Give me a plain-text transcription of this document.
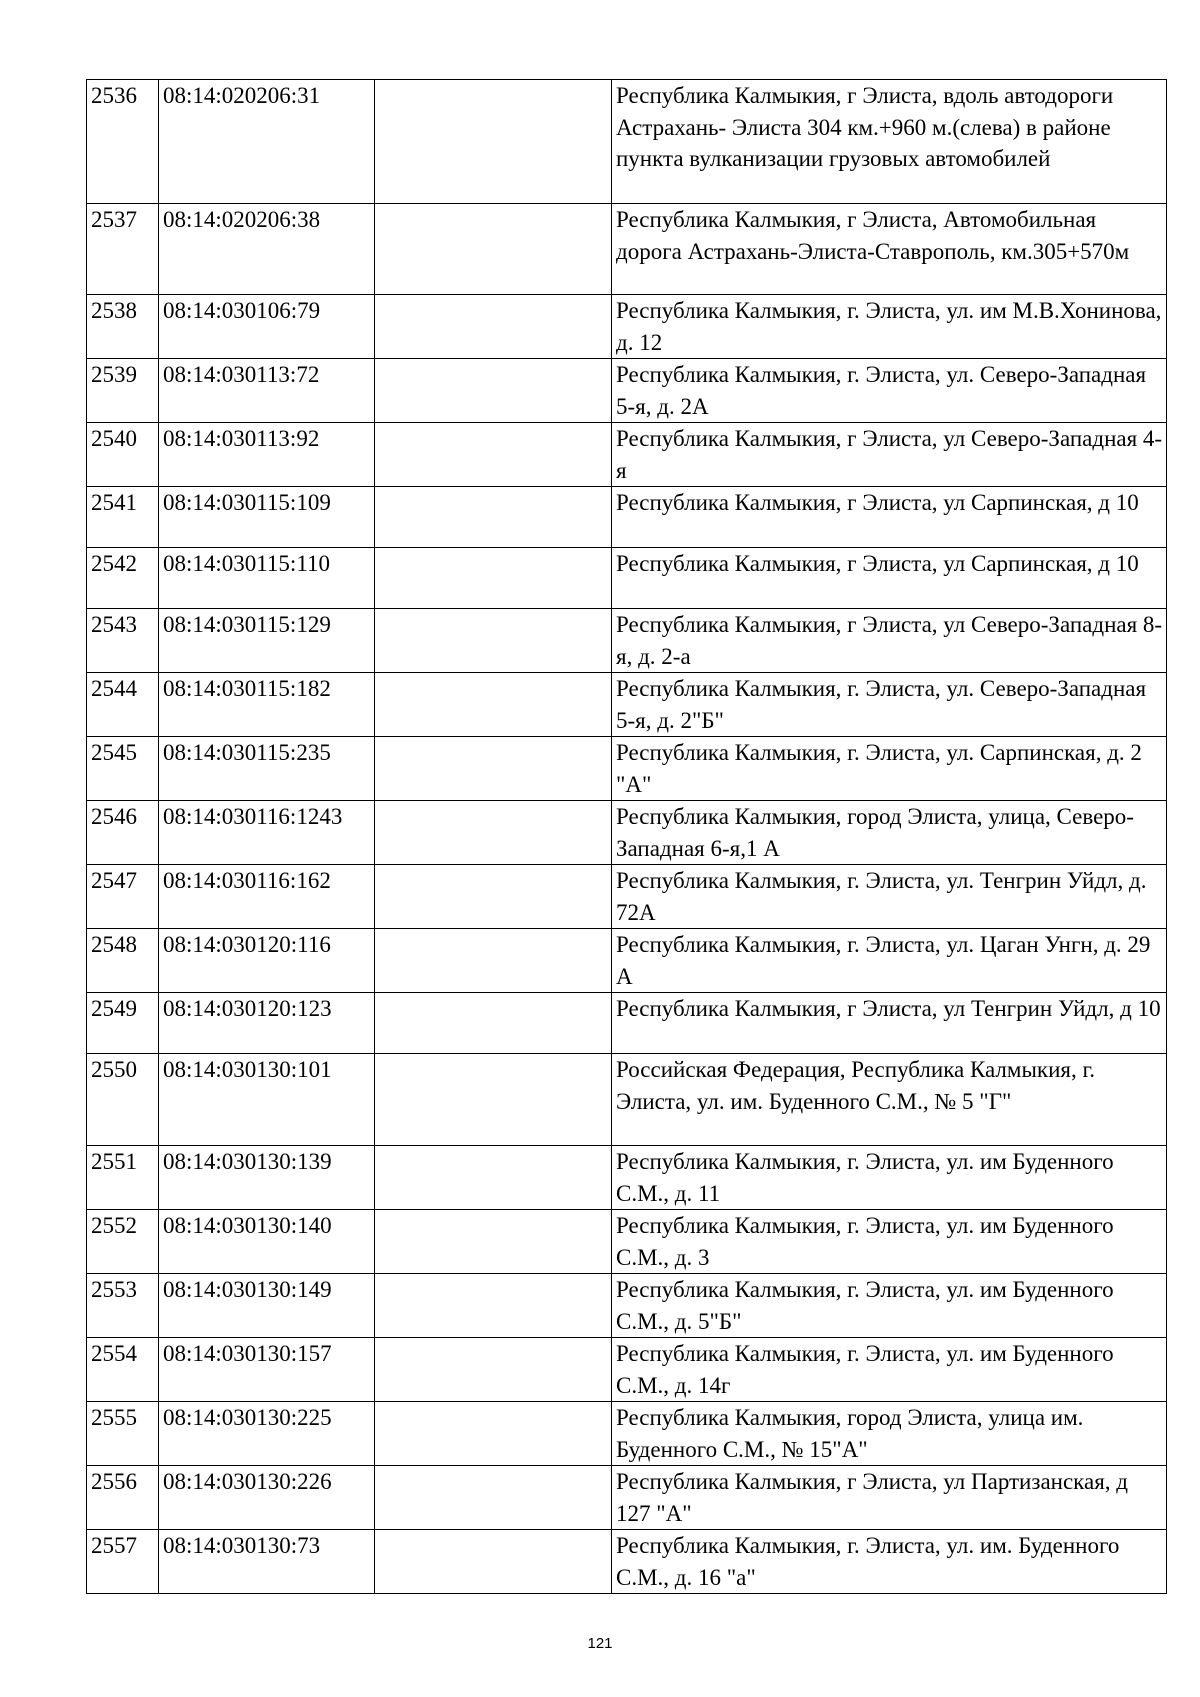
2536	08:14:020206:31		Республика Калмыкия, г Элиста, вдоль автодороги Астрахань- Элиста 304 км.+960 м.(слева) в районе пункта вулканизации грузовых автомобилей
2537	08:14:020206:38		Республика Калмыкия, г Элиста, Автомобильная дорога Астрахань-Элиста-Ставрополь, км.305+570м
2538	08:14:030106:79		Республика Калмыкия, г. Элиста, ул. им М.В.Хонинова, д. 12
2539	08:14:030113:72		Республика Калмыкия, г. Элиста, ул. Северо-Западная 5-я, д. 2А
2540	08:14:030113:92		Республика Калмыкия, г Элиста, ул Северо-Западная 4-я
2541	08:14:030115:109		Республика Калмыкия, г Элиста, ул Сарпинская, д 10
2542	08:14:030115:110		Республика Калмыкия, г Элиста, ул Сарпинская, д 10
2543	08:14:030115:129		Республика Калмыкия, г Элиста, ул Северо-Западная 8-я, д. 2-а
2544	08:14:030115:182		Республика Калмыкия, г. Элиста, ул. Северо-Западная 5-я, д. 2"Б"
2545	08:14:030115:235		Республика Калмыкия, г. Элиста, ул. Сарпинская, д. 2 "А"
2546	08:14:030116:1243		Республика Калмыкия, город Элиста, улица, Северо-Западная 6-я,1 А
2547	08:14:030116:162		Республика Калмыкия, г. Элиста, ул. Тенгрин Уйдл, д. 72А
2548	08:14:030120:116		Республика Калмыкия, г. Элиста, ул. Цаган Унгн, д. 29 А
2549	08:14:030120:123		Республика Калмыкия, г Элиста, ул Тенгрин Уйдл, д 10
2550	08:14:030130:101		Российская Федерация, Республика Калмыкия, г. Элиста, ул. им. Буденного С.М., № 5 "Г"
2551	08:14:030130:139		Республика Калмыкия, г. Элиста, ул. им Буденного С.М., д. 11
2552	08:14:030130:140		Республика Калмыкия, г. Элиста, ул. им Буденного С.М., д. 3
2553	08:14:030130:149		Республика Калмыкия, г. Элиста, ул. им Буденного С.М., д. 5"Б"
2554	08:14:030130:157		Республика Калмыкия, г. Элиста, ул. им Буденного С.М., д. 14г
2555	08:14:030130:225		Республика Калмыкия, город Элиста, улица им. Буденного С.М., № 15"А"
2556	08:14:030130:226		Республика Калмыкия, г Элиста, ул Партизанская, д 127 "А"
2557	08:14:030130:73		Республика Калмыкия, г. Элиста, ул. им. Буденного С.М., д. 16 "а"
121
